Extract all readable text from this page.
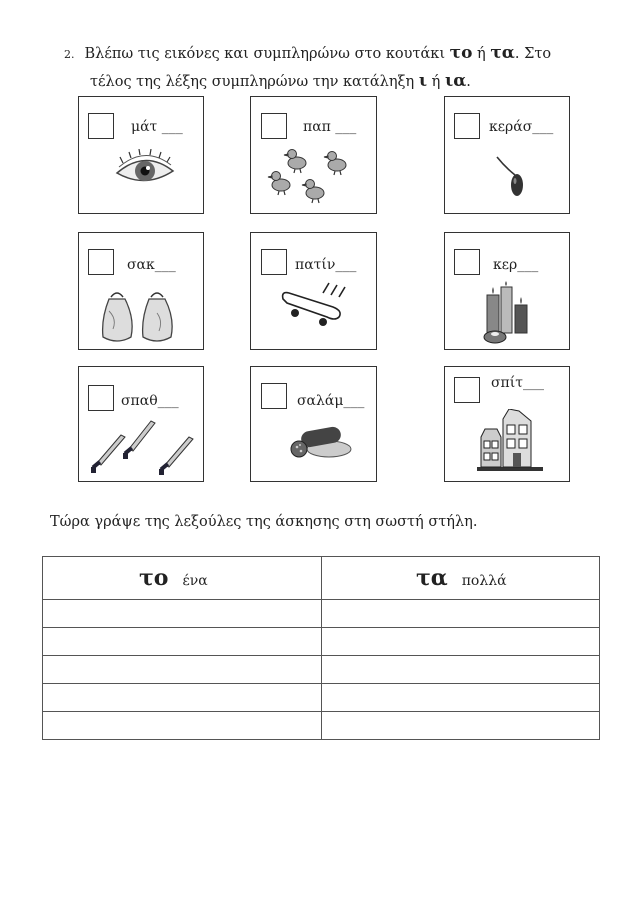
2. Βλέπω τις εικόνες και συμπληρώνω στο κουτάκι το ή τα. Στο
τέλος της λέξης συμπληρώνω την κατάληξη ι ή ια.
μάτ ___	παπ ___	κεράσ___
σακ___	πατίν___	κερ___
σπαθ___	σαλάμ___
σπίτ___
Τώρα γράψε της λεξούλες της άσκησης στη σωστή στήλη.
το ένα	τα πολλά
